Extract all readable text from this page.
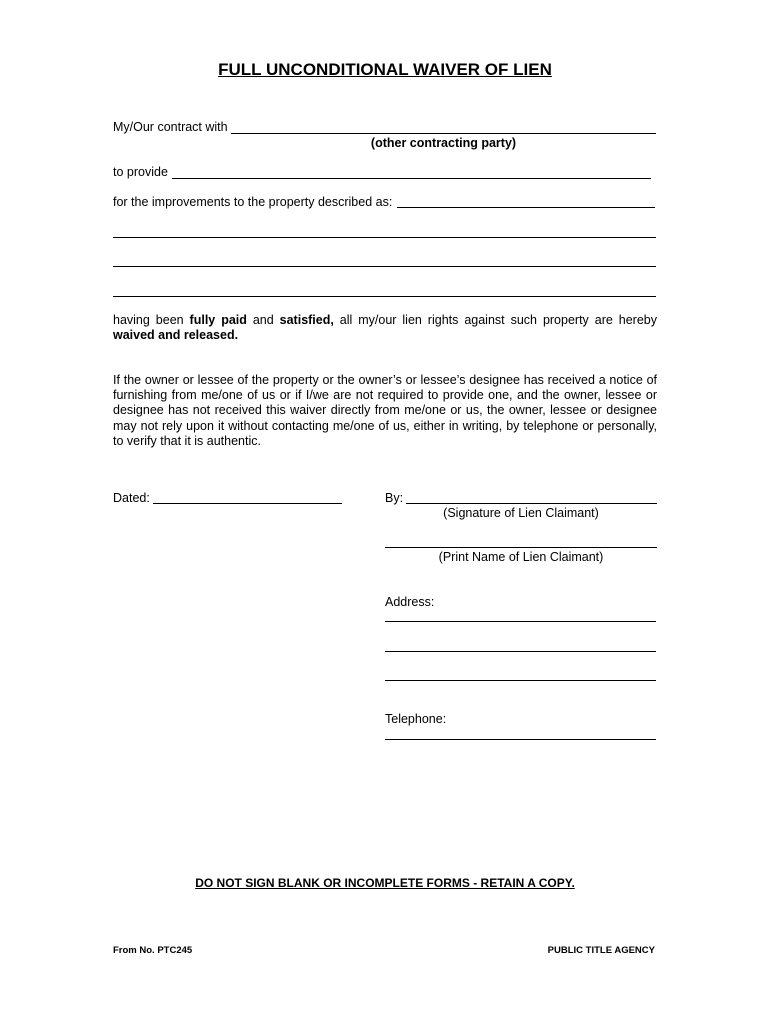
FULL UNCONDITIONAL WAIVER OF LIEN
My/Our contract with
(other contracting party)
to provide
for the improvements to the property described as:
having been fully paid and satisfied, all my/our lien rights against such property are hereby waived and released.
If the owner or lessee of the property or the owner’s or lessee’s designee has received a notice of furnishing from me/one of us or if I/we are not required to provide one, and the owner, lessee or designee has not received this waiver directly from me/one or us, the owner, lessee or designee may not rely upon it without contacting me/one of us, either in writing, by telephone or personally, to verify that it is authentic.
Dated:	By:
(Signature of Lien Claimant)
(Print Name of Lien Claimant)
Address:
Telephone:
DO NOT SIGN BLANK OR INCOMPLETE FORMS - RETAIN A COPY.
From No. PTC245	PUBLIC TITLE AGENCY
